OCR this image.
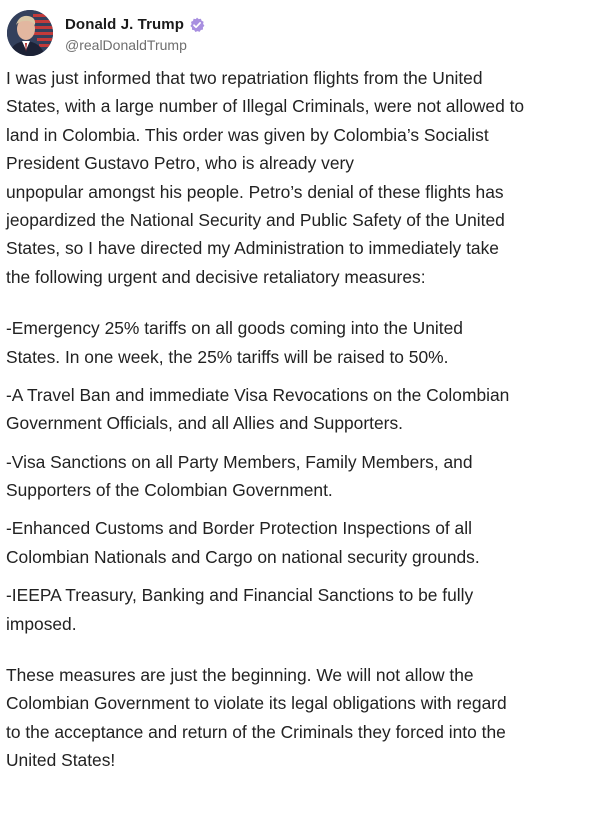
Donald J. Trump
@realDonaldTrump
I was just informed that two repatriation flights from the United
States, with a large number of Illegal Criminals, were not allowed to
land in Colombia. This order was given by Colombia’s Socialist
President Gustavo Petro, who is already very
unpopular amongst his people. Petro’s denial of these flights has
jeopardized the National Security and Public Safety of the United
States, so I have directed my Administration to immediately take
the following urgent and decisive retaliatory measures:
-Emergency 25% tariffs on all goods coming into the United
States. In one week, the 25% tariffs will be raised to 50%.
-A Travel Ban and immediate Visa Revocations on the Colombian
Government Officials, and all Allies and Supporters.
-Visa Sanctions on all Party Members, Family Members, and
Supporters of the Colombian Government.
-Enhanced Customs and Border Protection Inspections of all
Colombian Nationals and Cargo on national security grounds.
-IEEPA Treasury, Banking and Financial Sanctions to be fully
imposed.
These measures are just the beginning. We will not allow the
Colombian Government to violate its legal obligations with regard
to the acceptance and return of the Criminals they forced into the
United States!
